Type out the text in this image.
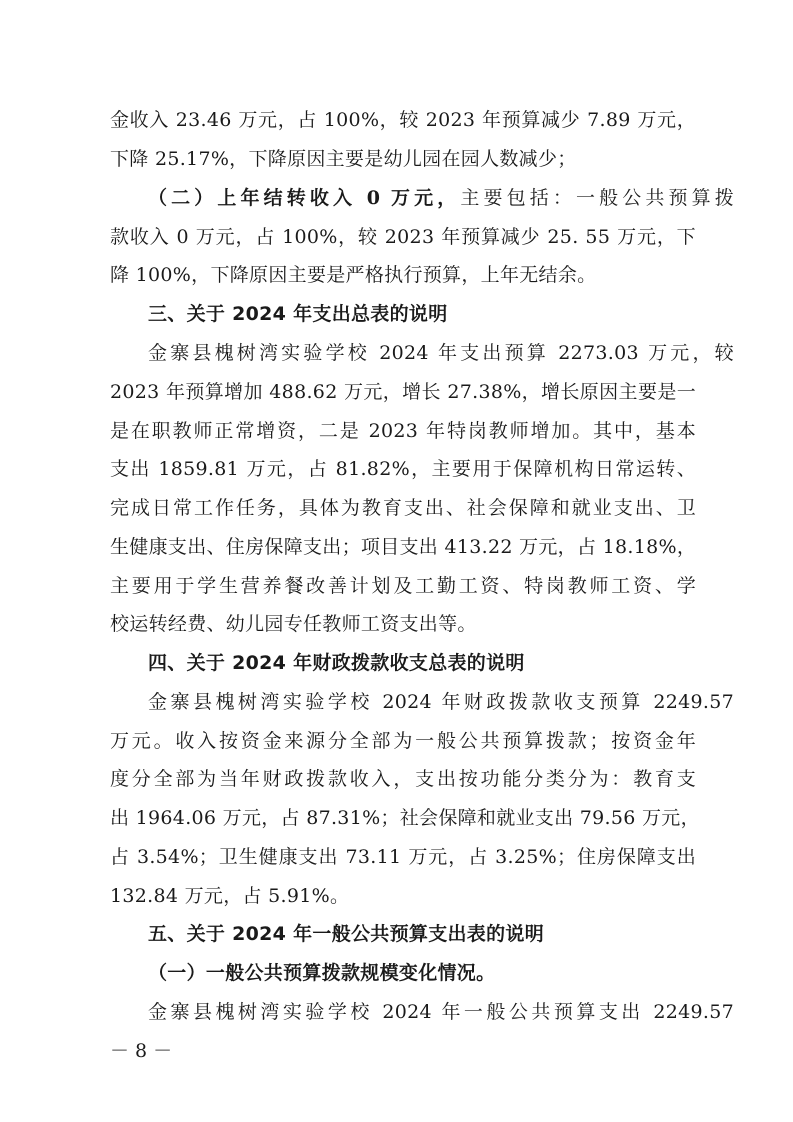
金收入 23.46 万元，占 100%，较 2023 年预算减少 7.89 万元，
下降 25.17%，下降原因主要是幼儿园在园人数减少；
（二）上年结转收入 0 万元，主要包括：一般公共预算拨
款收入 0 万元，占 100%，较 2023 年预算减少 25. 55 万元，下
降 100%，下降原因主要是严格执行预算，上年无结余。
三、关于 2024 年支出总表的说明
金寨县槐树湾实验学校 2024 年支出预算 2273.03 万元，较
2023 年预算增加 488.62 万元，增长 27.38%，增长原因主要是一
是在职教师正常增资，二是 2023 年特岗教师增加。其中，基本
支出 1859.81 万元，占 81.82%，主要用于保障机构日常运转、
完成日常工作任务，具体为教育支出、社会保障和就业支出、卫
生健康支出、住房保障支出；项目支出 413.22 万元，占 18.18%，
主要用于学生营养餐改善计划及工勤工资、特岗教师工资、学
校运转经费、幼儿园专任教师工资支出等。
四、关于 2024 年财政拨款收支总表的说明
金寨县槐树湾实验学校 2024 年财政拨款收支预算 2249.57
万元。收入按资金来源分全部为一般公共预算拨款；按资金年
度分全部为当年财政拨款收入，支出按功能分类分为：教育支
出 1964.06 万元，占 87.31%；社会保障和就业支出 79.56 万元，
占 3.54%；卫生健康支出 73.11 万元，占 3.25%；住房保障支出
132.84 万元，占 5.91%。
五、关于 2024 年一般公共预算支出表的说明
（一）一般公共预算拨款规模变化情况。
金寨县槐树湾实验学校 2024 年一般公共预算支出 2249.57
－ 8 －
